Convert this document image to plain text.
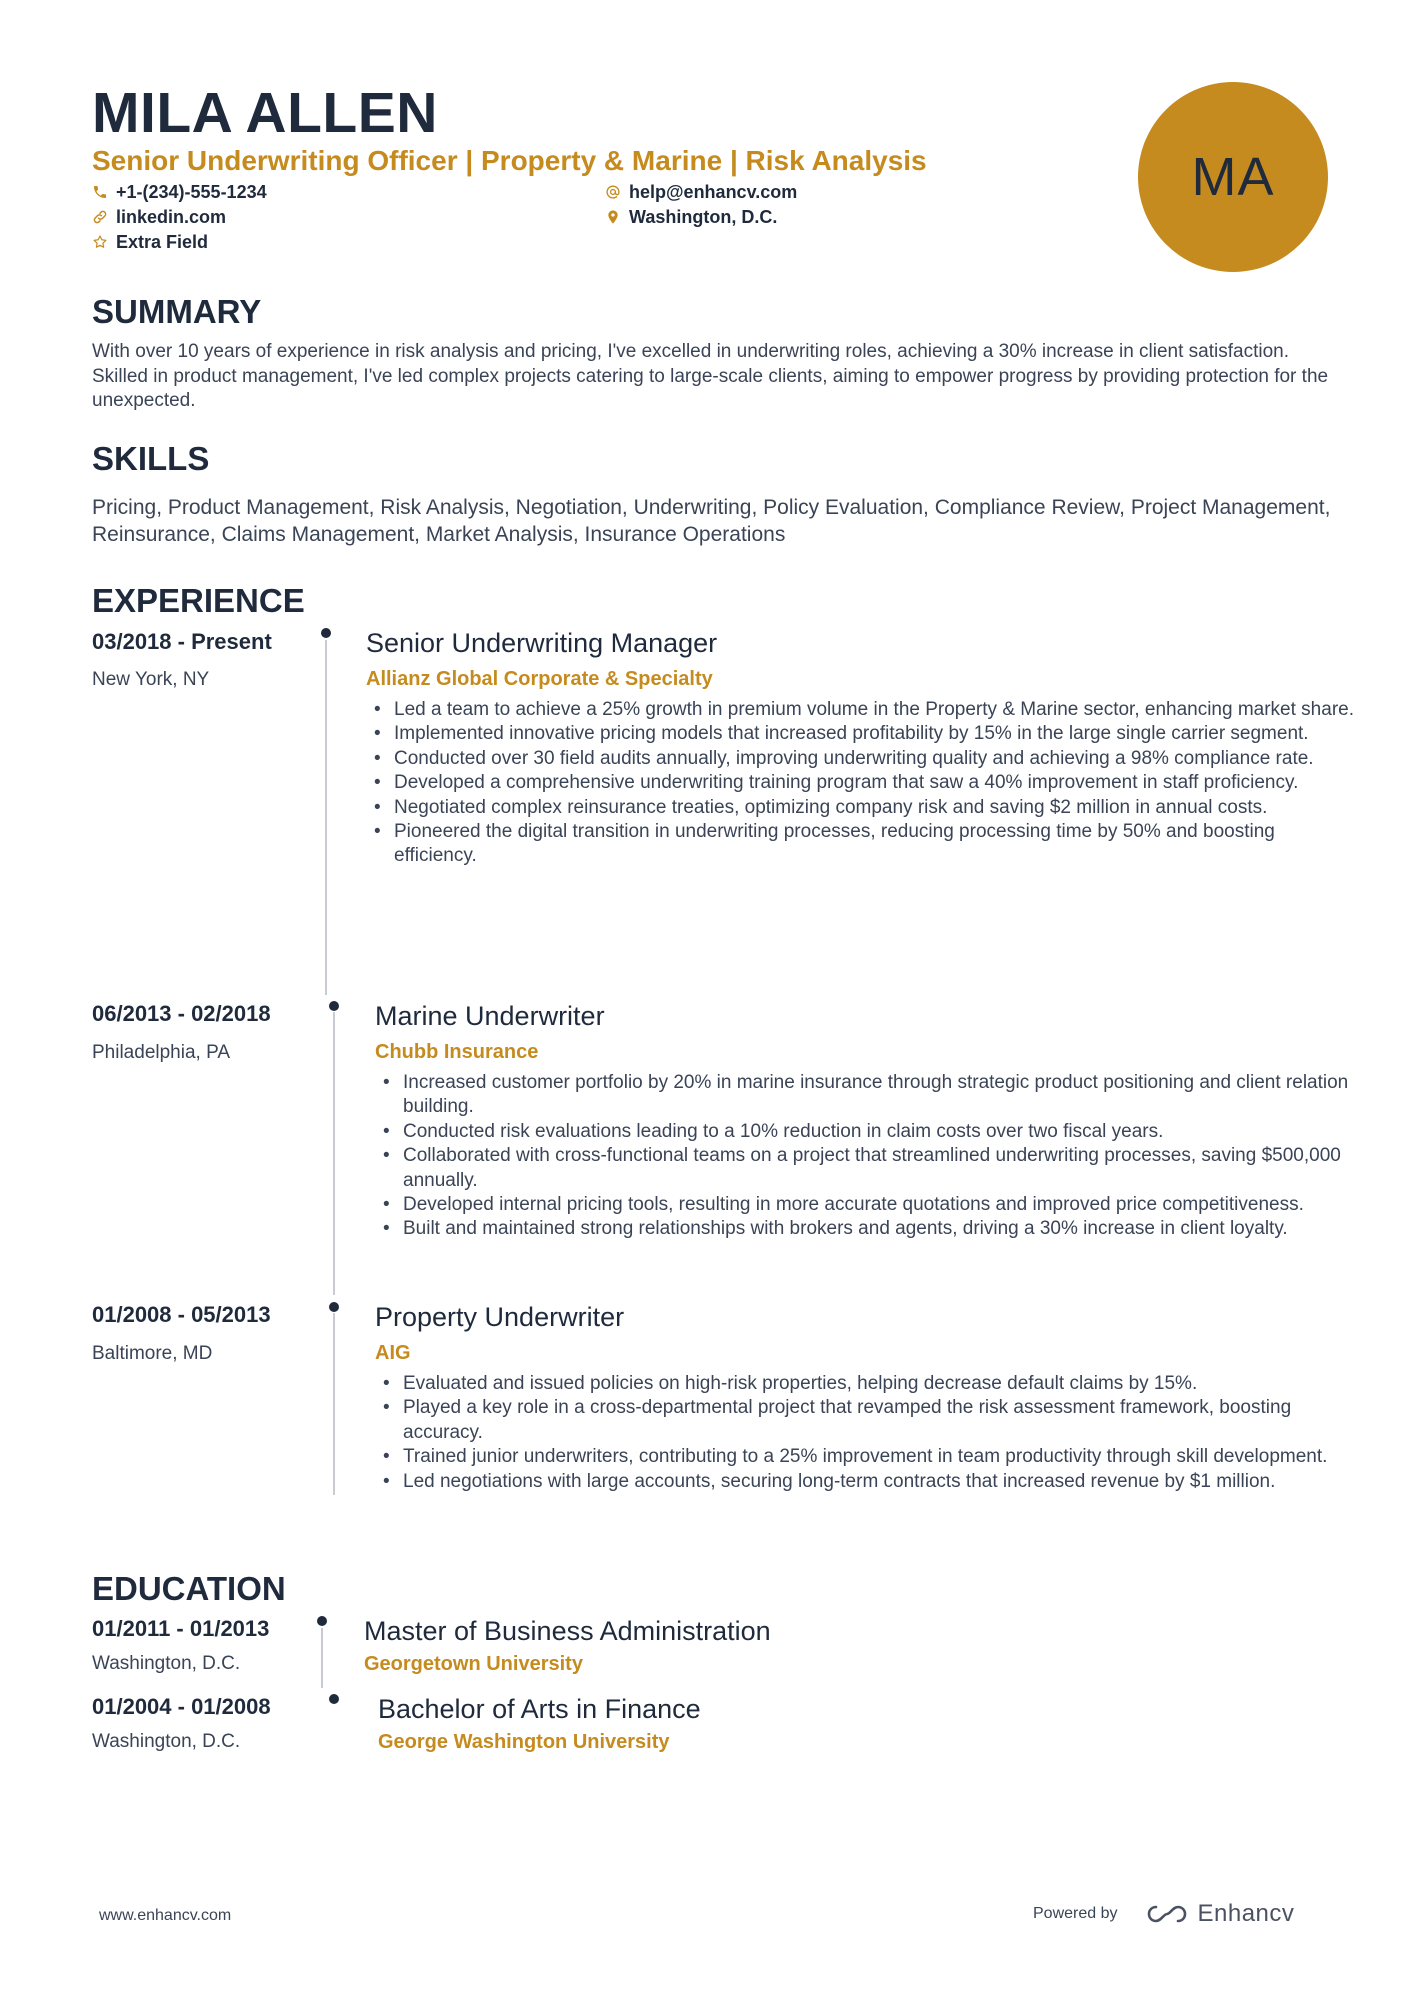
MILA ALLEN
Senior Underwriting Officer | Property & Marine | Risk Analysis
+1-(234)-555-1234
linkedin.com
Extra Field
help@enhancv.com
Washington, D.C.
MA
SUMMARY
With over 10 years of experience in risk analysis and pricing, I've excelled in underwriting roles, achieving a 30% increase in client satisfaction. Skilled in product management, I've led complex projects catering to large-scale clients, aiming to empower progress by providing protection for the unexpected.
SKILLS
Pricing, Product Management, Risk Analysis, Negotiation, Underwriting, Policy Evaluation, Compliance Review, Project Management, Reinsurance, Claims Management, Market Analysis, Insurance Operations
EXPERIENCE
03/2018 - Present
New York, NY
Senior Underwriting Manager
Allianz Global Corporate & Specialty
• Led a team to achieve a 25% growth in premium volume in the Property & Marine sector, enhancing market share.
• Implemented innovative pricing models that increased profitability by 15% in the large single carrier segment.
• Conducted over 30 field audits annually, improving underwriting quality and achieving a 98% compliance rate.
• Developed a comprehensive underwriting training program that saw a 40% improvement in staff proficiency.
• Negotiated complex reinsurance treaties, optimizing company risk and saving $2 million in annual costs.
• Pioneered the digital transition in underwriting processes, reducing processing time by 50% and boosting efficiency.
06/2013 - 02/2018
Philadelphia, PA
Marine Underwriter
Chubb Insurance
• Increased customer portfolio by 20% in marine insurance through strategic product positioning and client relation building.
• Conducted risk evaluations leading to a 10% reduction in claim costs over two fiscal years.
• Collaborated with cross-functional teams on a project that streamlined underwriting processes, saving $500,000 annually.
• Developed internal pricing tools, resulting in more accurate quotations and improved price competitiveness.
• Built and maintained strong relationships with brokers and agents, driving a 30% increase in client loyalty.
01/2008 - 05/2013
Baltimore, MD
Property Underwriter
AIG
• Evaluated and issued policies on high-risk properties, helping decrease default claims by 15%.
• Played a key role in a cross-departmental project that revamped the risk assessment framework, boosting accuracy.
• Trained junior underwriters, contributing to a 25% improvement in team productivity through skill development.
• Led negotiations with large accounts, securing long-term contracts that increased revenue by $1 million.
EDUCATION
01/2011 - 01/2013
Washington, D.C.
Master of Business Administration
Georgetown University
01/2004 - 01/2008
Washington, D.C.
Bachelor of Arts in Finance
George Washington University
www.enhancv.com	Powered by	Enhancv
